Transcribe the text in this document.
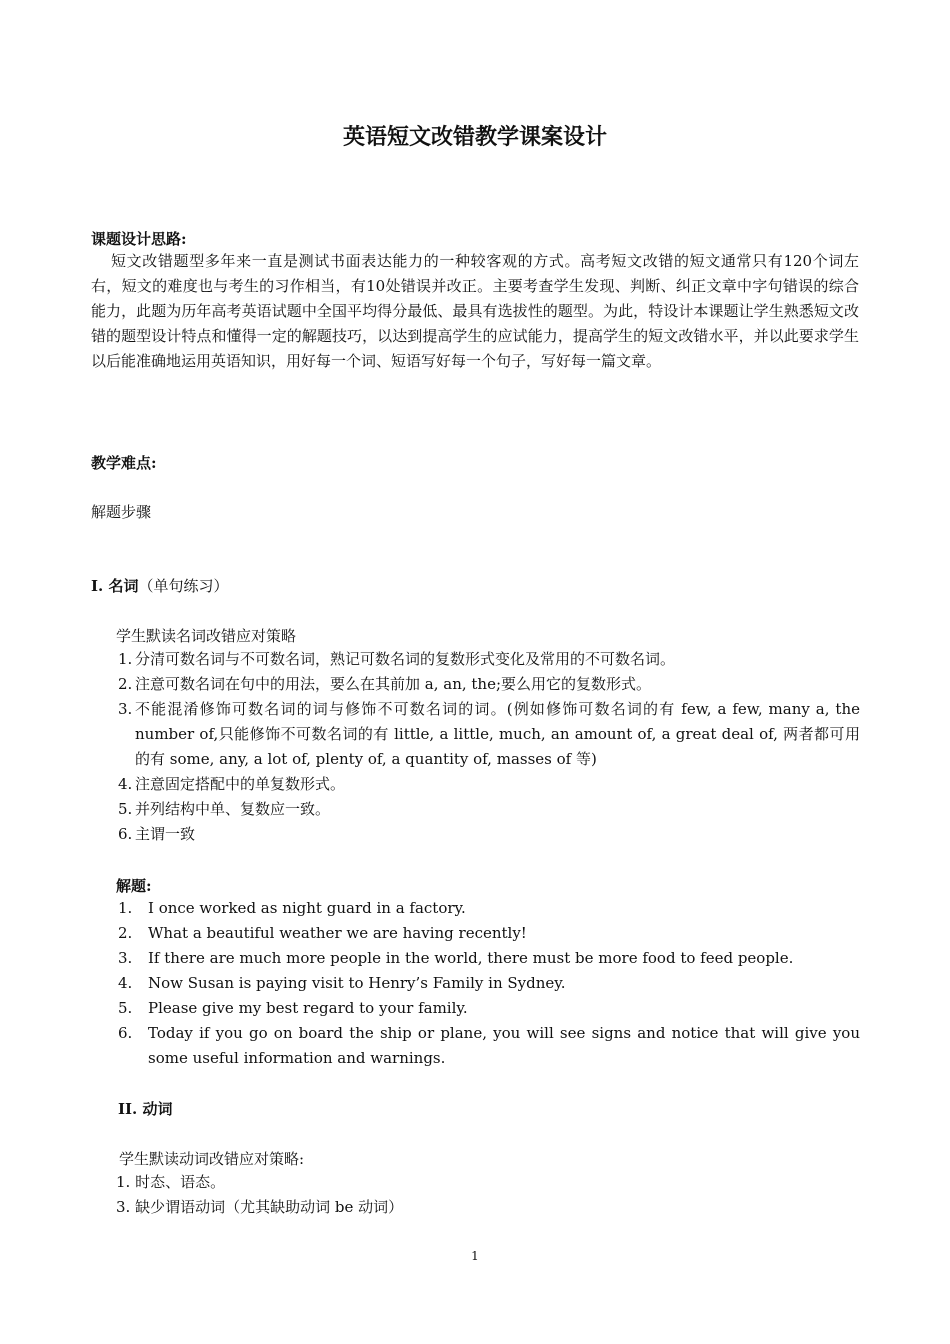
英语短文改错教学课案设计
课题设计思路:
短文改错题型多年来一直是测试书面表达能力的一种较客观的方式。高考短文改错的短文通常只有120个词左右，短文的难度也与考生的习作相当，有10处错误并改正。主要考查学生发现、判断、纠正文章中字句错误的综合能力，此题为历年高考英语试题中全国平均得分最低、最具有选拔性的题型。为此，特设计本课题让学生熟悉短文改错的题型设计特点和懂得一定的解题技巧，以达到提高学生的应试能力，提高学生的短文改错水平，并以此要求学生以后能准确地运用英语知识，用好每一个词、短语写好每一个句子，写好每一篇文章。
教学难点:
解题步骤
I. 名词（单句练习）
学生默读名词改错应对策略
1. 分清可数名词与不可数名词，熟记可数名词的复数形式变化及常用的不可数名词。
2. 注意可数名词在句中的用法，要么在其前加 a, an, the;要么用它的复数形式。
3. 不能混淆修饰可数名词的词与修饰不可数名词的词。(例如修饰可数名词的有 few, a few, many a, the number of,只能修饰不可数名词的有 little, a little, much, an amount of, a great deal of, 两者都可用的有 some, any, a lot of, plenty of, a quantity of, masses of 等)
4. 注意固定搭配中的单复数形式。
5. 并列结构中单、复数应一致。
6. 主谓一致
解题:
1.	I once worked as night guard in a factory.
2.	What a beautiful weather we are having recently!
3.	If there are much more people in the world, there must be more food to feed people.
4.	Now Susan is paying visit to Henry’s Family in Sydney.
5.	Please give my best regard to your family.
6.	Today if you go on board the ship or plane, you will see signs and notice that will give you some useful information and warnings.
II. 动词
学生默读动词改错应对策略:
1. 时态、语态。
3. 缺少谓语动词（尤其缺助动词 be 动词）
1
